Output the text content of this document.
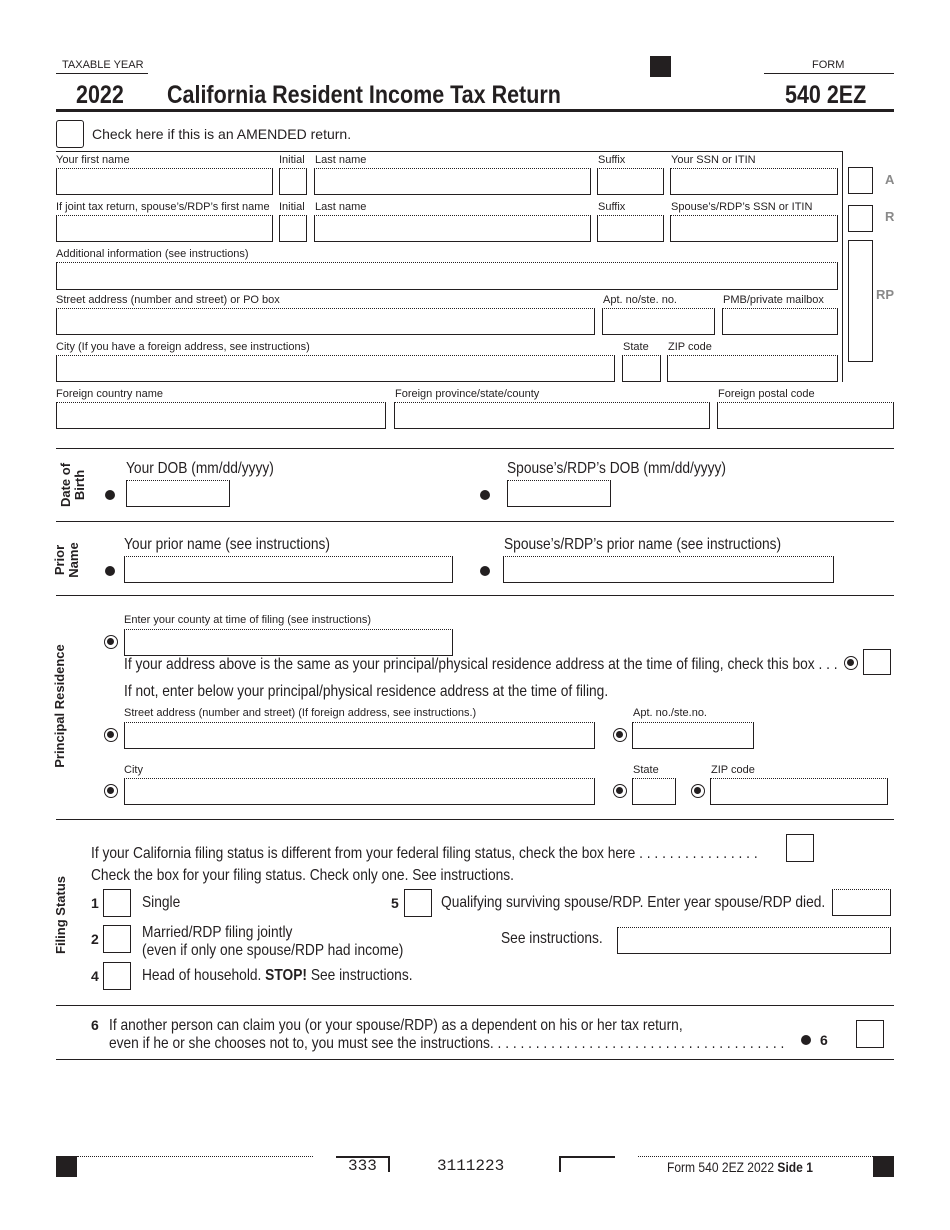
TAXABLE YEAR
2022	California Resident Income Tax Return
FORM
540 2EZ
Check here if this is an AMENDED return.
Your first name	Initial Last name	Suffix	Your SSN or ITIN
If joint tax return, spouse’s/RDP’s first name Initial Last name	Suffix	Spouse’s/RDP’s SSN or ITIN
Additional information (see instructions)
Street address (number and street) or PO box	Apt. no/ste. no.	PMB/private mailbox
City (If you have a foreign address, see instructions)	State ZIP code
A
R
RP
Foreign country name	Foreign province/state/county	Foreign postal code
Date of Birth
Your DOB (mm/dd/yyyy)	Spouse’s/RDP’s DOB (mm/dd/yyyy)
Prior Name	Your prior name (see instructions)	Spouse’s/RDP’s prior name (see instructions)
Principal Residence
Enter your county at time of filing (see instructions)
If your address above is the same as your principal/physical residence address at the time of filing, check this box . . .
If not, enter below your principal/physical residence address at the time of filing.
Street address (number and street) (If foreign address, see instructions.)	Apt. no./ste.no.
City	State	ZIP code
Filing Status
If your California filing status is different from your federal filing status, check the box here . . . . . . . . . . . . . . . .
Check the box for your filing status. Check only one. See instructions.
1	Single
2	Married/RDP filing jointly
(even if only one spouse/RDP had income)
4	Head of household. STOP! See instructions.
5	Qualifying surviving spouse/RDP. Enter year spouse/RDP died.
See instructions.
6 If another person can claim you (or your spouse/RDP) as a dependent on his or her tax return,
even if he or she chooses not to, you must see the instructions. . . . . . . . . . . . . . . . . . . . . . . . . . . . . . . . . . . . . . .	6
333	3111223	Form 540 2EZ 2022 Side 1
